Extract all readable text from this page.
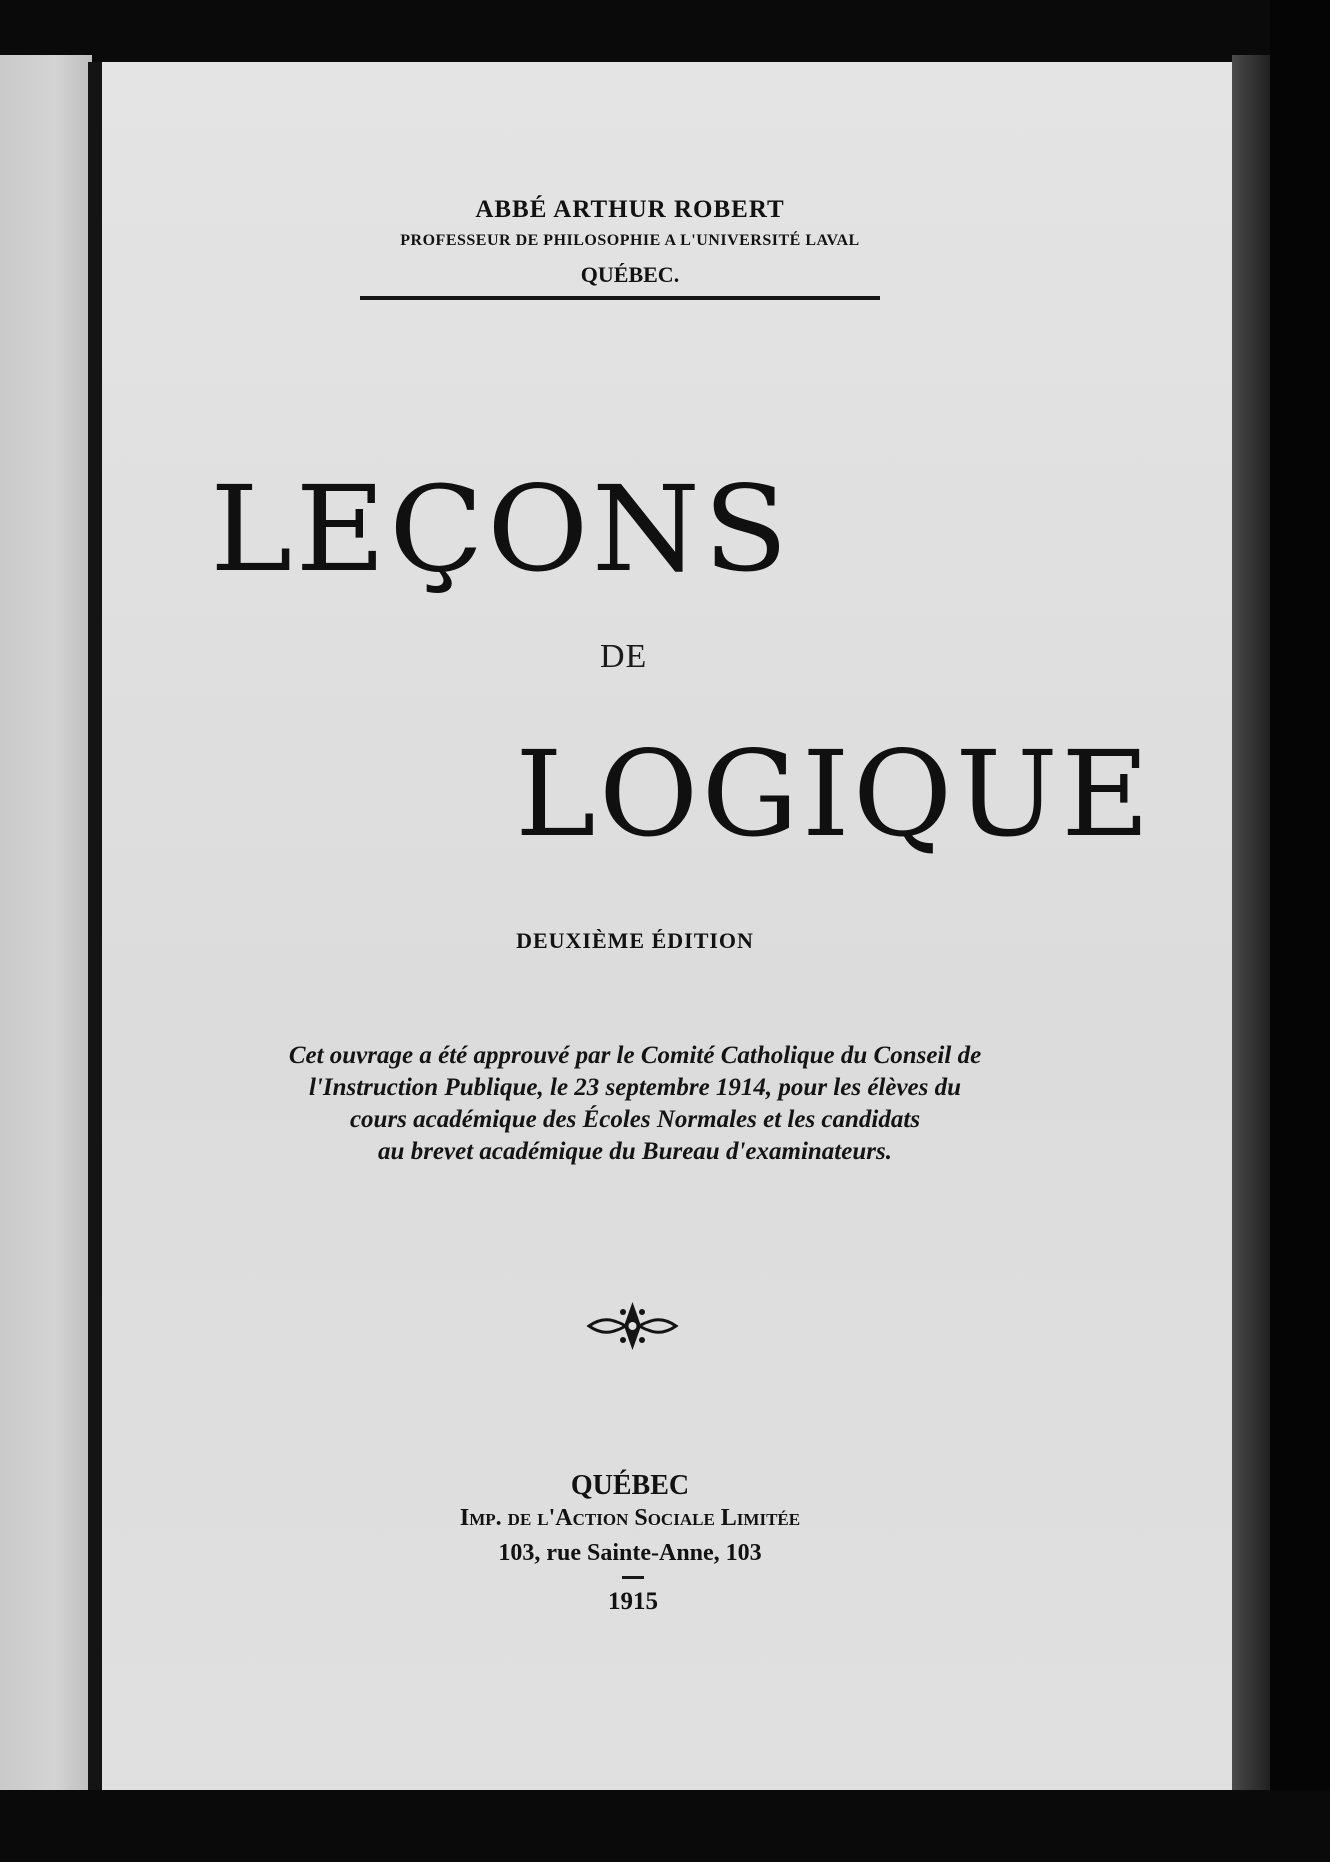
ABBÉ ARTHUR ROBERT
PROFESSEUR DE PHILOSOPHIE A L'UNIVERSITÉ LAVAL
QUÉBEC.
LEÇONS
DE
LOGIQUE
DEUXIÈME ÉDITION
Cet ouvrage a été approuvé par le Comité Catholique du Conseil de
l'Instruction Publique, le 23 septembre 1914, pour les élèves du
cours académique des Écoles Normales et les candidats
au brevet académique du Bureau d'examinateurs.
QUÉBEC
Imp. de l'Action Sociale Limitée
103, rue Sainte-Anne, 103
1915
